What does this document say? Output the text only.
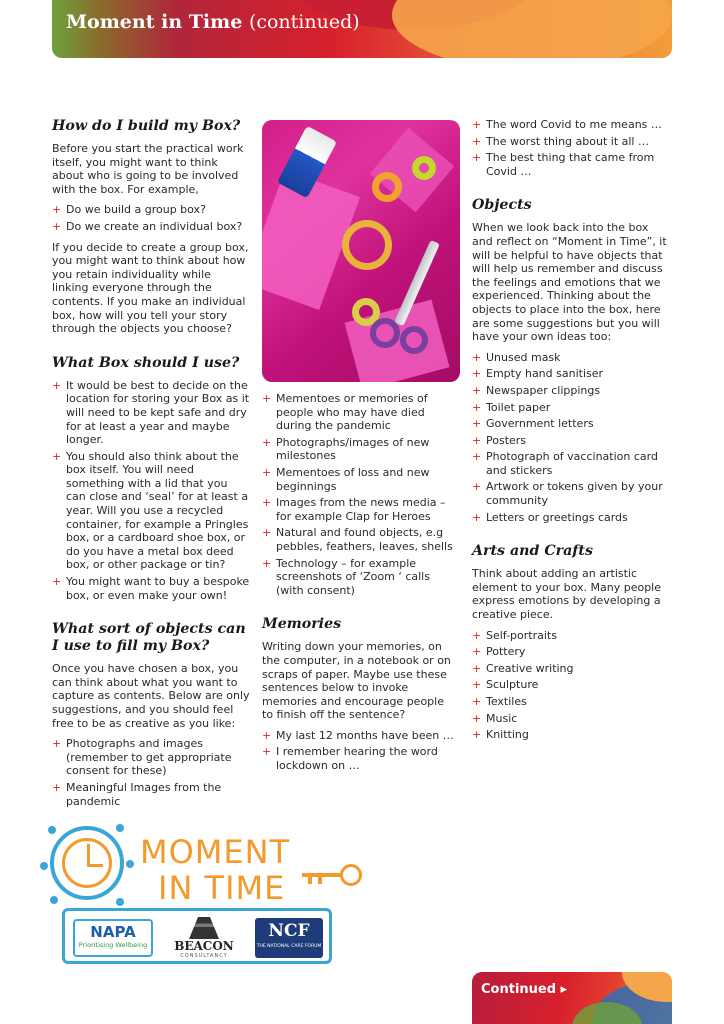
Moment in Time (continued)
How do I build my Box?

Before you start the practical work itself, you might want to think about who is going to be involved with the box. For example,

+ Do we build a group box?
+ Do we create an individual box?

If you decide to create a group box, you might want to think about how you retain individuality while linking everyone through the contents. If you make an individual box, how will you tell your story through the objects you choose?

What Box should I use?
+ It would be best to decide on the location for storing your Box as it will need to be kept safe and dry for at least a year and maybe longer.
+ You should also think about the box itself. You will need something with a lid that you can close and ‘seal’ for at least a year. Will you use a recycled container, for example a Pringles box, or a cardboard shoe box, or do you have a metal box deed box, or other package or tin?
+ You might want to buy a bespoke box, or even make your own!
What sort of objects can I use to fill my Box?

Once you have chosen a box, you can think about what you want to capture as contents. Below are only suggestions, and you should feel free to be as creative as you like:

+ Photographs and images (remember to get appropriate consent for these)
+ Meaningful Images from the pandemic
+ Mementoes or memories of people who may have died during the pandemic
+ Photographs/images of new milestones
+ Mementoes of loss and new beginnings
+ Images from the news media – for example Clap for Heroes
+ Natural and found objects, e.g pebbles, feathers, leaves, shells
+ Technology – for example screenshots of ‘Zoom ‘ calls (with consent)
Memories

Writing down your memories, on the computer, in a notebook or on scraps of paper. Maybe use these sentences below to invoke memories and encourage people to finish off the sentence?

+ My last 12 months have been …
+ I remember hearing the word lockdown on …
+ The word Covid to me means …
+ The worst thing about it all …
+ The best thing that came from Covid …
Objects

When we look back into the box and reflect on “Moment in Time”, it will be helpful to have objects that will help us remember and discuss the feelings and emotions that we experienced. Thinking about the objects to place into the box, here are some suggestions but you will have your own ideas too:

+ Unused mask
+ Empty hand sanitiser
+ Newspaper clippings
+ Toilet paper
+ Government letters
+ Posters
+ Photograph of vaccination card and stickers
+ Artwork or tokens given by your community
+ Letters or greetings cards
Arts and Crafts

Think about adding an artistic element to your box. Many people express emotions by developing a creative piece.

+ Self-portraits
+ Pottery
+ Creative writing
+ Sculpture
+ Textiles
+ Music
+ Knitting
MOMENT
IN TIME
NAPA
Prioritising Wellbeing	BEACON
CONSULTANCY
NCF
THE NATIONAL CARE FORUM
Continued ▸
